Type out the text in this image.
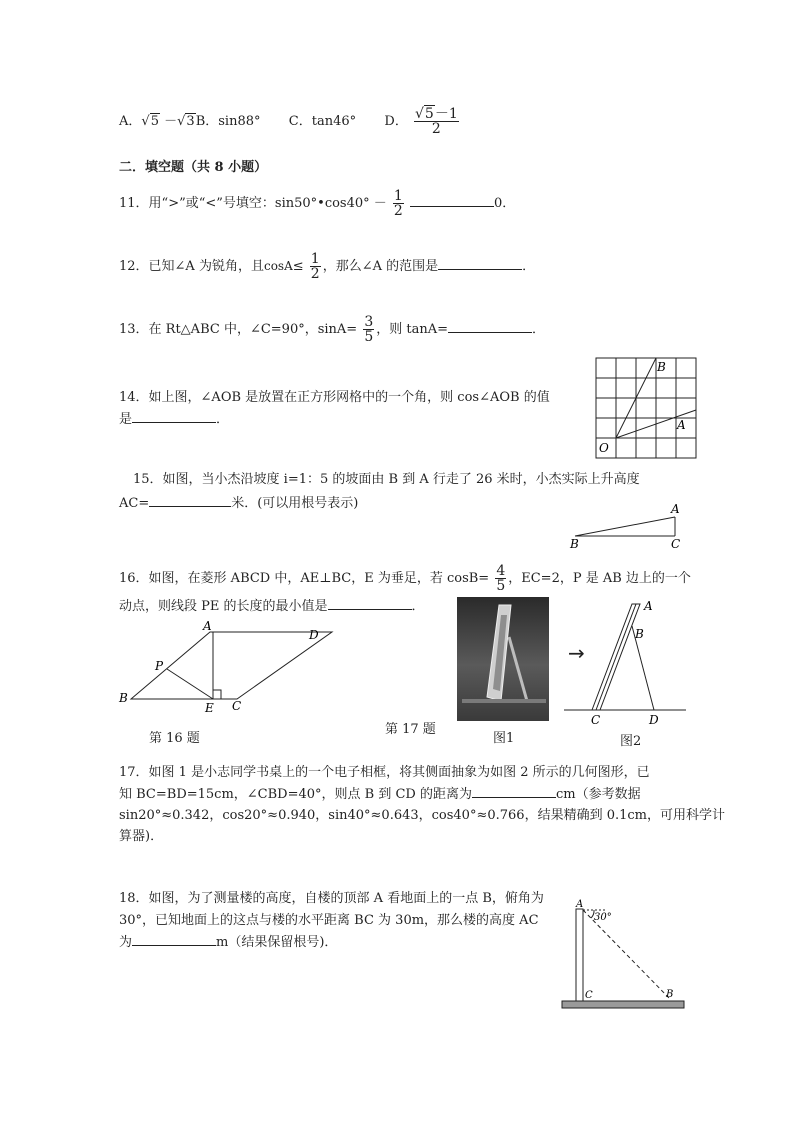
A．√5 －√3B．sin88° C．tan46° D． $\frac{√5-1}{2}$
二．填空题（共 8 小题）
11．用“>”或“<”号填空：sin50°•cos40° － $\frac{1}{2}$	0．
12．已知∠A 为锐角，且$\cos A\le \frac{1}{2}$ ，那么∠A 的范围是	．
13．在 Rt△ABC 中，∠C=90°，$\sin A= \frac{3}{5}$ ，则 tanA=	．
14．如上图，∠AOB 是放置在正方形网格中的一个角，则 cos∠AOB 的值
是	．
B
A
O
15．如图，当小杰沿坡度 i=1：5 的坡面由 B 到 A 行走了 26 米时，小杰实际上升高度
AC=	米．(可以用根号表示)	A
B	C
16．如图，在菱形 ABCD 中，AE⊥BC，E 为垂足，若 $\cos B= \frac{4}{5}$ ，EC=2，P 是 AB 边上的一个
动点，则线段 PE 的长度的最小值是	．
A
D
P
B
E C
第 16 题
第 17 题
图1
→
A
B
C	D
图2
17．如图 1 是小志同学书桌上的一个电子相框，将其侧面抽象为如图 2 所示的几何图形，已
知 BC=BD=15cm，∠CBD=40°，则点 B 到 CD 的距离为	cm（参考数据
sin20°≈0.342，cos20°≈0.940，sin40°≈0.643，cos40°≈0.766，结果精确到 0.1cm，可用科学计
算器)．
18．如图，为了测量楼的高度，自楼的顶部 A 看地面上的一点 B，俯角为
30°，已知地面上的这点与楼的水平距离 BC 为 30m，那么楼的高度 AC
为	m（结果保留根号)．
A
30°
C	B
